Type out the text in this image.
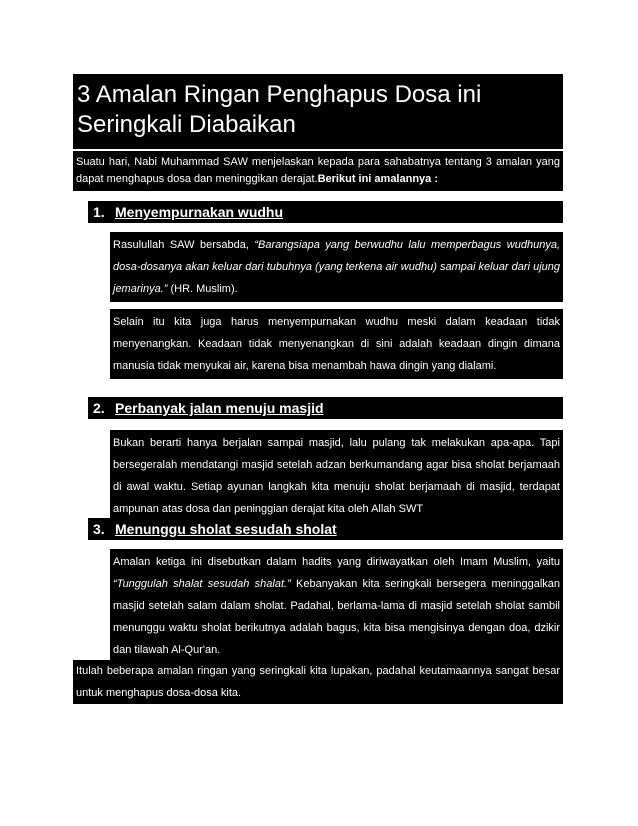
3 Amalan Ringan Penghapus Dosa ini Seringkali Diabaikan
Suatu hari, Nabi Muhammad SAW menjelaskan kepada para sahabatnya tentang 3 amalan yang dapat menghapus dosa dan meninggikan derajat.Berikut ini amalannya :
1. Menyempurnakan wudhu
Rasulullah SAW bersabda, “Barangsiapa yang berwudhu lalu memperbagus wudhunya, dosa-dosanya akan keluar dari tubuhnya (yang terkena air wudhu) sampai keluar dari ujung jemarinya.” (HR. Muslim).
Selain itu kita juga harus menyempurnakan wudhu meski dalam keadaan tidak menyenangkan. Keadaan tidak menyenangkan di sini adalah keadaan dingin dimana manusia tidak menyukai air, karena bisa menambah hawa dingin yang dialami.
2. Perbanyak jalan menuju masjid
Bukan berarti hanya berjalan sampai masjid, lalu pulang tak melakukan apa-apa. Tapi bersegeralah mendatangi masjid setelah adzan berkumandang agar bisa sholat berjamaah di awal waktu. Setiap ayunan langkah kita menuju sholat berjamaah di masjid, terdapat ampunan atas dosa dan peninggian derajat kita oleh Allah SWT
3. Menunggu sholat sesudah sholat
Amalan ketiga ini disebutkan dalam hadits yang diriwayatkan oleh Imam Muslim, yaitu “Tunggulah shalat sesudah shalat.” Kebanyakan kita seringkali bersegera meninggalkan masjid setelah salam dalam sholat. Padahal, berlama-lama di masjid setelah sholat sambil menunggu waktu sholat berikutnya adalah bagus, kita bisa mengisinya dengan doa, dzikir dan tilawah Al-Qur'an.
Itulah beberapa amalan ringan yang seringkali kita lupakan, padahal keutamaannya sangat besar untuk menghapus dosa-dosa kita.
